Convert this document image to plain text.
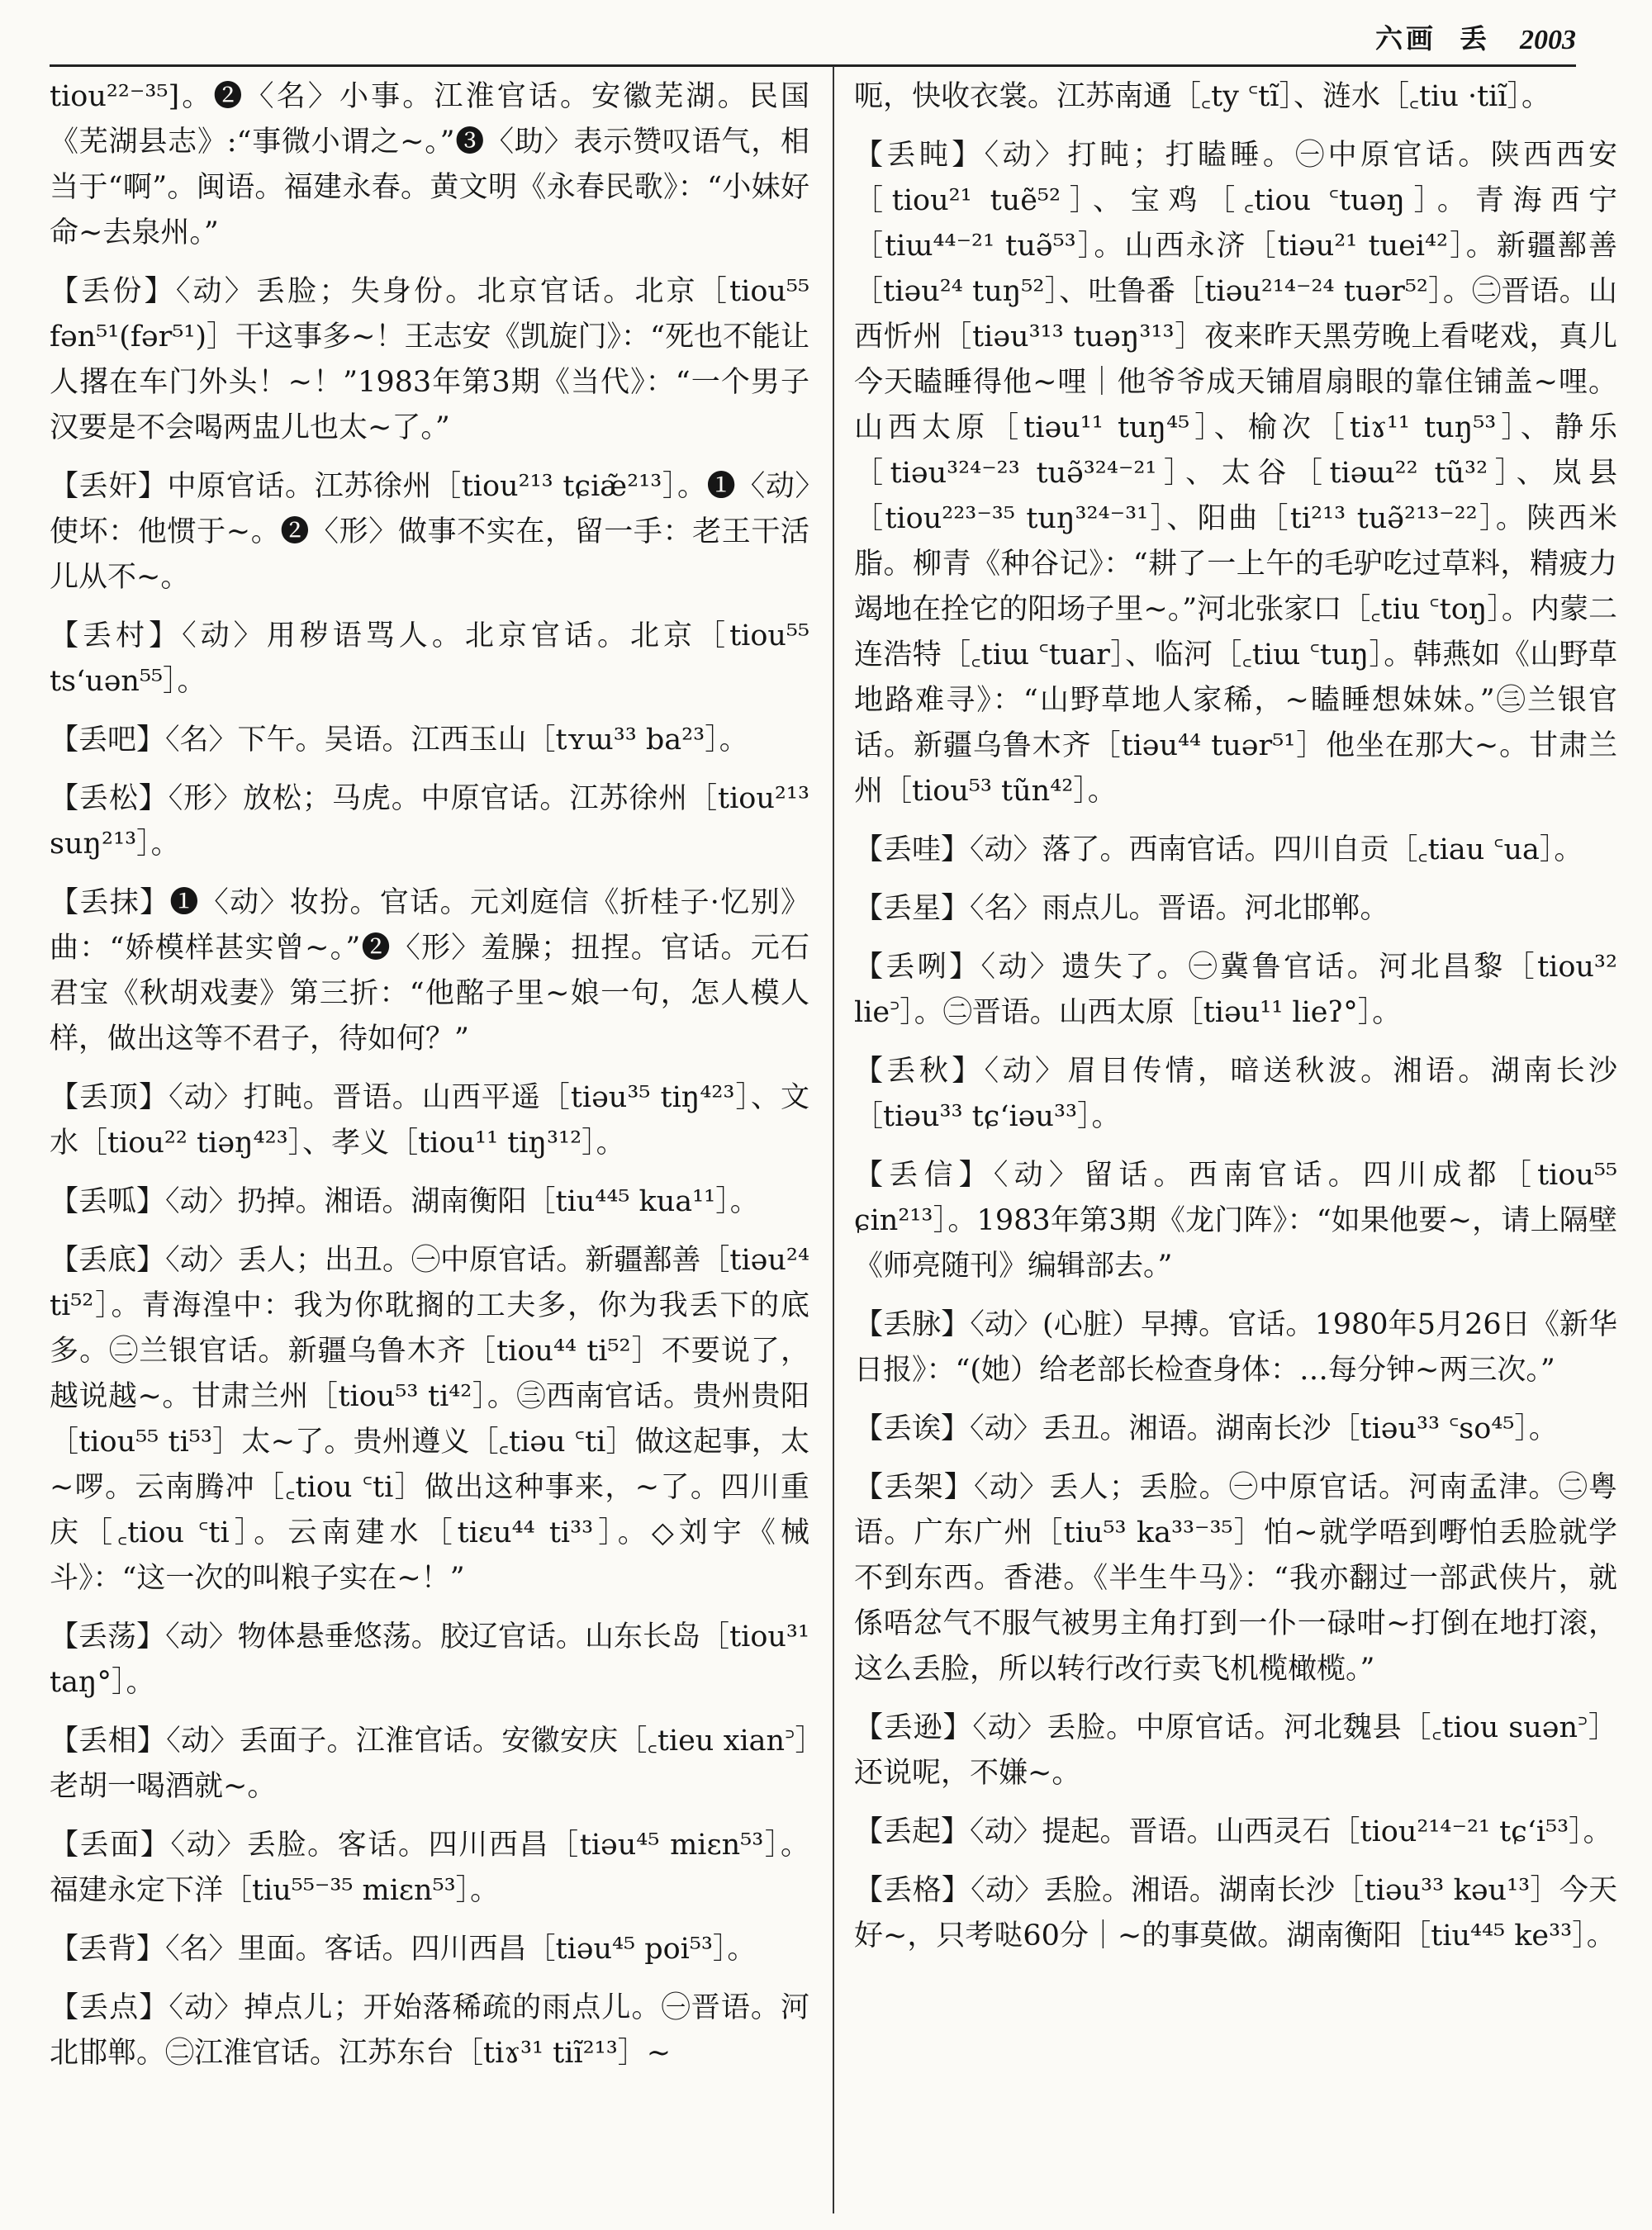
六画 丢 2003

tiou²²⁻³⁵]。❷〈名〉小事。江淮官话。安徽芜湖。民国《芜湖县志》:“事微小谓之~。”❸〈助〉表示赞叹语气，相当于“啊”。闽语。福建永春。黄文明《永春民歌》：“小妹好命~去泉州。”

【丢份】〈动〉丢脸；失身份。北京官话。北京［tiou⁵⁵ fən⁵¹(fər⁵¹)］干这事多~！王志安《凯旋门》：“死也不能让人撂在车门外头！~！”1983年第3期《当代》：“一个男子汉要是不会喝两盅儿也太~了。”

【丢奸】中原官话。江苏徐州［tiou²¹³ tɕiæ̃²¹³］。❶〈动〉使坏：他惯于~。❷〈形〉做事不实在，留一手：老王干活儿从不~。

【丢村】〈动〉用秽语骂人。北京官话。北京［tiou⁵⁵ ts‘uən⁵⁵］。

【丢吧】〈名〉下午。吴语。江西玉山［tʏɯ³³ ba²³］。

【丢松】〈形〉放松；马虎。中原官话。江苏徐州［tiou²¹³ suŋ²¹³］。

【丢抹】❶〈动〉妆扮。官话。元刘庭信《折桂子·忆别》曲：“娇模样甚实曾~。”❷〈形〉羞臊；扭捏。官话。元石君宝《秋胡戏妻》第三折：“他酩子里~娘一句，怎人模人样，做出这等不君子，待如何？”

【丢顶】〈动〉打盹。晋语。山西平遥［tiəu³⁵ tiŋ⁴²³］、文水［tiou²² tiəŋ⁴²³］、孝义［tiou¹¹ tiŋ³¹²］。

【丢呱】〈动〉扔掉。湘语。湖南衡阳［tiu⁴⁴⁵ kua¹¹］。

【丢底】〈动〉丢人；出丑。㊀中原官话。新疆鄯善［tiəu²⁴ ti⁵²］。青海湟中：我为你耽搁的工夫多，你为我丢下的底多。㊁兰银官话。新疆乌鲁木齐［tiou⁴⁴ ti⁵²］不要说了，越说越~。甘肃兰州［tiou⁵³ ti⁴²］。㊂西南官话。贵州贵阳［tiou⁵⁵ ti⁵³］太~了。贵州遵义［꜀tiəu ꜂ti］做这起事，太~啰。云南腾冲［꜀tiou ꜂ti］做出这种事来，~了。四川重庆［꜀tiou ꜂ti］。云南建水［tiɛu⁴⁴ ti³³］。◇刘宇《械斗》：“这一次的叫粮子实在~！”

【丢荡】〈动〉物体悬垂悠荡。胶辽官话。山东长岛［tiou³¹ taŋ°］。

【丢相】〈动〉丢面子。江淮官话。安徽安庆［꜀tieu xian꜄］老胡一喝酒就~。

【丢面】〈动〉丢脸。客话。四川西昌［tiəu⁴⁵ miɛn⁵³］。福建永定下洋［tiu⁵⁵⁻³⁵ miɛn⁵³］。

【丢背】〈名〉里面。客话。四川西昌［tiəu⁴⁵ poi⁵³］。

【丢点】〈动〉掉点儿；开始落稀疏的雨点儿。㊀晋语。河北邯郸。㊁江淮官话。江苏东台［tiɤ³¹ tiĩ²¹³］~

呃，快收衣裳。江苏南通［꜀ty ꜂tĩ］、涟水［꜀tiu ·tiĩ］。

【丢盹】〈动〉打盹；打瞌睡。㊀中原官话。陕西西安［tiou²¹ tuẽ⁵²］、宝鸡［꜀tiou ꜂tuəŋ］。青海西宁［tiɯ⁴⁴⁻²¹ tuə̃⁵³］。山西永济［tiəu²¹ tuei⁴²］。新疆鄯善［tiəu²⁴ tuŋ⁵²］、吐鲁番［tiəu²¹⁴⁻²⁴ tuər⁵²］。㊁晋语。山西忻州［tiəu³¹³ tuəŋ³¹³］夜来昨天黑劳晚上看咾戏，真儿今天瞌睡得他~哩｜他爷爷成天铺眉扇眼的靠住铺盖~哩。山西太原［tiəu¹¹ tuŋ⁴⁵］、榆次［tiɤ¹¹ tuŋ⁵³］、静乐［tiəu³²⁴⁻²³ tuə̃³²⁴⁻²¹］、太谷［tiəɯ²² tũ³²］、岚县［tiou²²³⁻³⁵ tuŋ³²⁴⁻³¹］、阳曲［ti²¹³ tuə̃²¹³⁻²²］。陕西米脂。柳青《种谷记》：“耕了一上午的毛驴吃过草料，精疲力竭地在拴它的阳场子里~。”河北张家口［꜀tiu ꜂toŋ］。内蒙二连浩特［꜀tiɯ ꜂tuar］、临河［꜀tiɯ ꜂tuŋ］。韩燕如《山野草地路难寻》：“山野草地人家稀，~瞌睡想妹妹。”㊂兰银官话。新疆乌鲁木齐［tiəu⁴⁴ tuər⁵¹］他坐在那大~。甘肃兰州［tiou⁵³ tũn⁴²］。

【丢哇】〈动〉落了。西南官话。四川自贡［꜀tiau ꜂ua］。

【丢星】〈名〉雨点儿。晋语。河北邯郸。

【丢咧】〈动〉遗失了。㊀冀鲁官话。河北昌黎［tiou³² lie꜄］。㊁晋语。山西太原［tiəu¹¹ lieʔ°］。

【丢秋】〈动〉眉目传情，暗送秋波。湘语。湖南长沙［tiəu³³ tɕ‘iəu³³］。

【丢信】〈动〉留话。西南官话。四川成都［tiou⁵⁵ ɕin²¹³］。1983年第3期《龙门阵》：“如果他要~，请上隔壁《师亮随刊》编辑部去。”

【丢脉】〈动〉(心脏）早搏。官话。1980年5月26日《新华日报》：“(她）给老部长检查身体：…每分钟~两三次。”

【丢诶】〈动〉丢丑。湘语。湖南长沙［tiəu³³ ꜂so⁴⁵］。

【丢架】〈动〉丢人；丢脸。㊀中原官话。河南孟津。㊁粤语。广东广州［tiu⁵³ ka³³⁻³⁵］怕~就学唔到嘢怕丢脸就学不到东西。香港。《半生牛马》：“我亦翻过一部武侠片，就係唔忿气不服气被男主角打到一仆一碌咁~打倒在地打滚，这么丢脸，所以转行改行卖飞机榄橄榄。”

【丢逊】〈动〉丢脸。中原官话。河北魏县［꜀tiou suən꜄］还说呢，不嫌~。

【丢起】〈动〉提起。晋语。山西灵石［tiou²¹⁴⁻²¹ tɕ‘i⁵³］。

【丢格】〈动〉丢脸。湘语。湖南长沙［tiəu³³ kəu¹³］今天好~，只考哒60分｜~的事莫做。湖南衡阳［tiu⁴⁴⁵ ke³³］。
